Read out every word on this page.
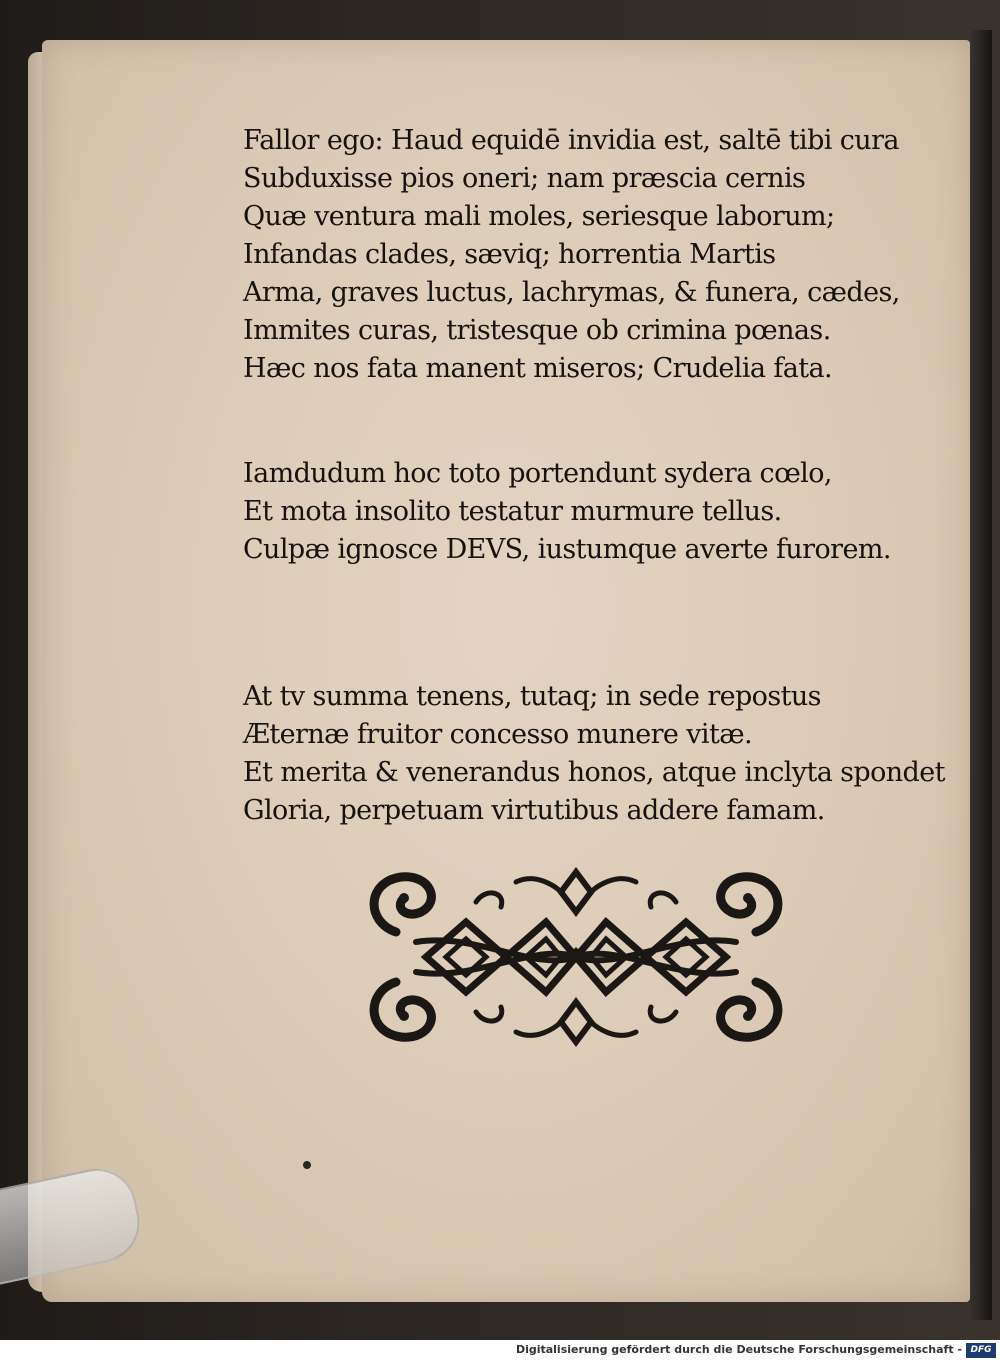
Fallor ego: Haud equidē invidia est, saltē tibi cura
Subduxisse pios oneri; nam præscia cernis
Quæ ventura mali moles, seriesque laborum;
Infandas clades, sæviq; horrentia Martis
Arma, graves luctus, lachrymas, & funera, cædes,
Immites curas, tristesque ob crimina pœnas.
Hæc nos fata manent miseros; Crudelia fata.
Iamdudum hoc toto portendunt sydera cœlo,
Et mota insolito testatur murmure tellus.
Culpæ ignosce DEVS, iustumque averte furorem.
At tv summa tenens, tutaq; in sede repostus
Æternæ fruitor concesso munere vitæ.
Et merita & venerandus honos, atque inclyta spondet
Gloria, perpetuam virtutibus addere famam.
Digitalisierung gefördert durch die Deutsche Forschungsgemeinschaft - DFG
